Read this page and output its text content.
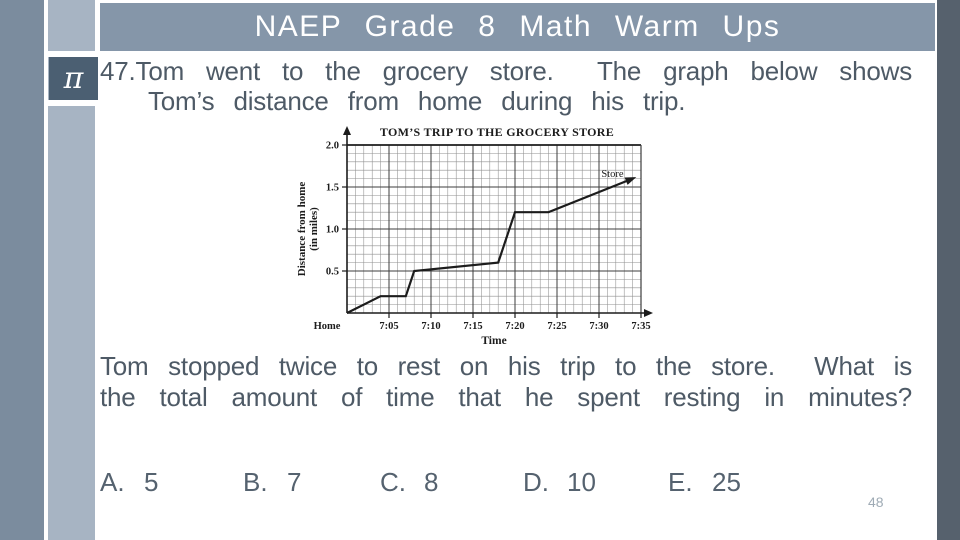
π
NAEP Grade 8 Math Warm Ups
47.Tom went to the grocery store.  The graph below shows
Tom’s distance from home during his trip.
0.5
1.0
1.5
2.0
Home	7:05 7:10 7:15 7:20 7:25 7:30 7:35
TOM’S TRIP TO THE GROCERY STORE
Time
Distance from home(in miles)
Store
Tom stopped twice to rest on his trip to the store.  What is
the total amount of time that he spent resting in minutes?
A. 5	B. 7	C. 8	D. 10	E. 25
48
